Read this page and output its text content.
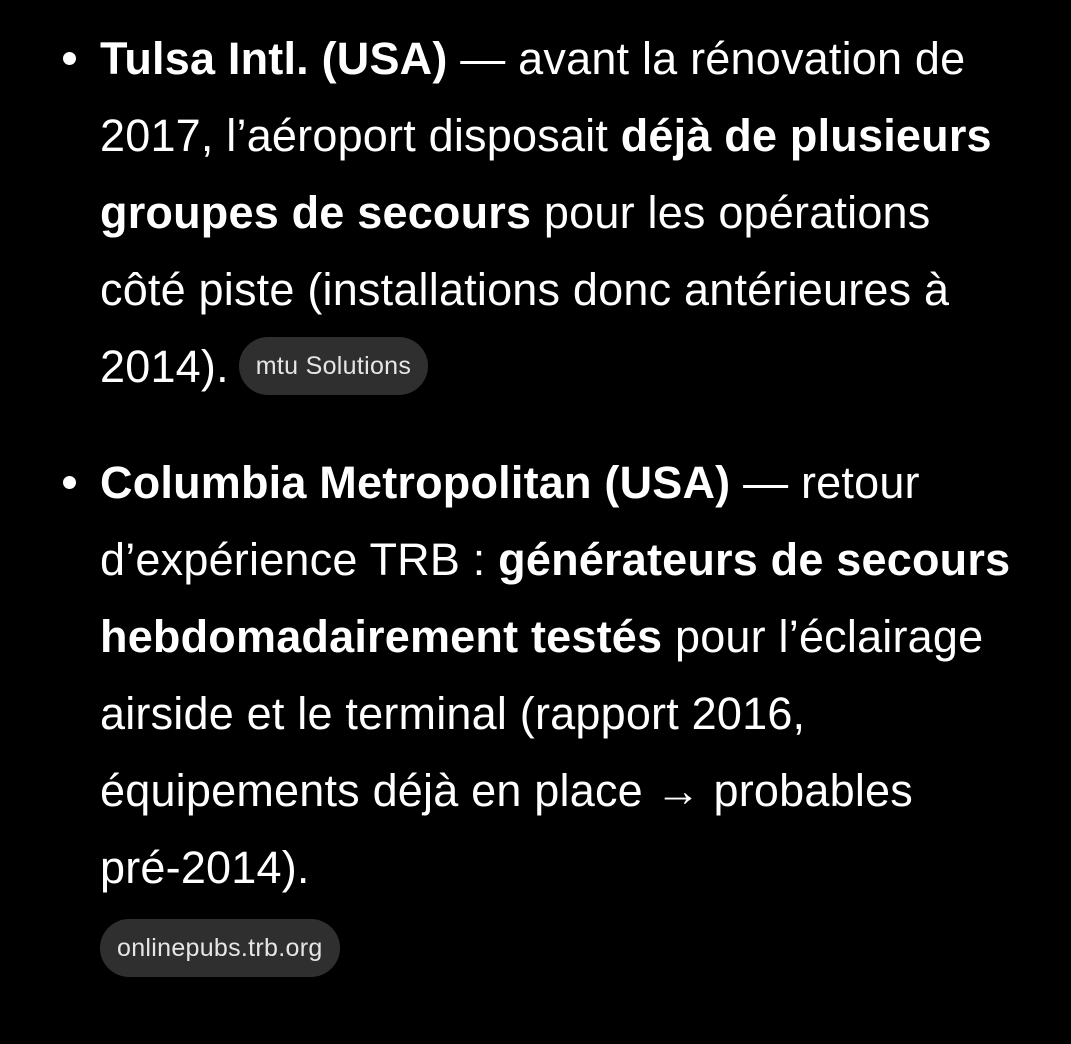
Tulsa Intl. (USA) — avant la rénovation de 2017, l’aéroport disposait déjà de plusieurs groupes de secours pour les opérations côté piste (installations donc antérieures à 2014). mtu Solutions
Columbia Metropolitan (USA) — retour d’expérience TRB : générateurs de secours hebdomadairement testés pour l’éclairage airside et le terminal (rapport 2016, équipements déjà en place → probables pré-2014).
onlinepubs.trb.org
